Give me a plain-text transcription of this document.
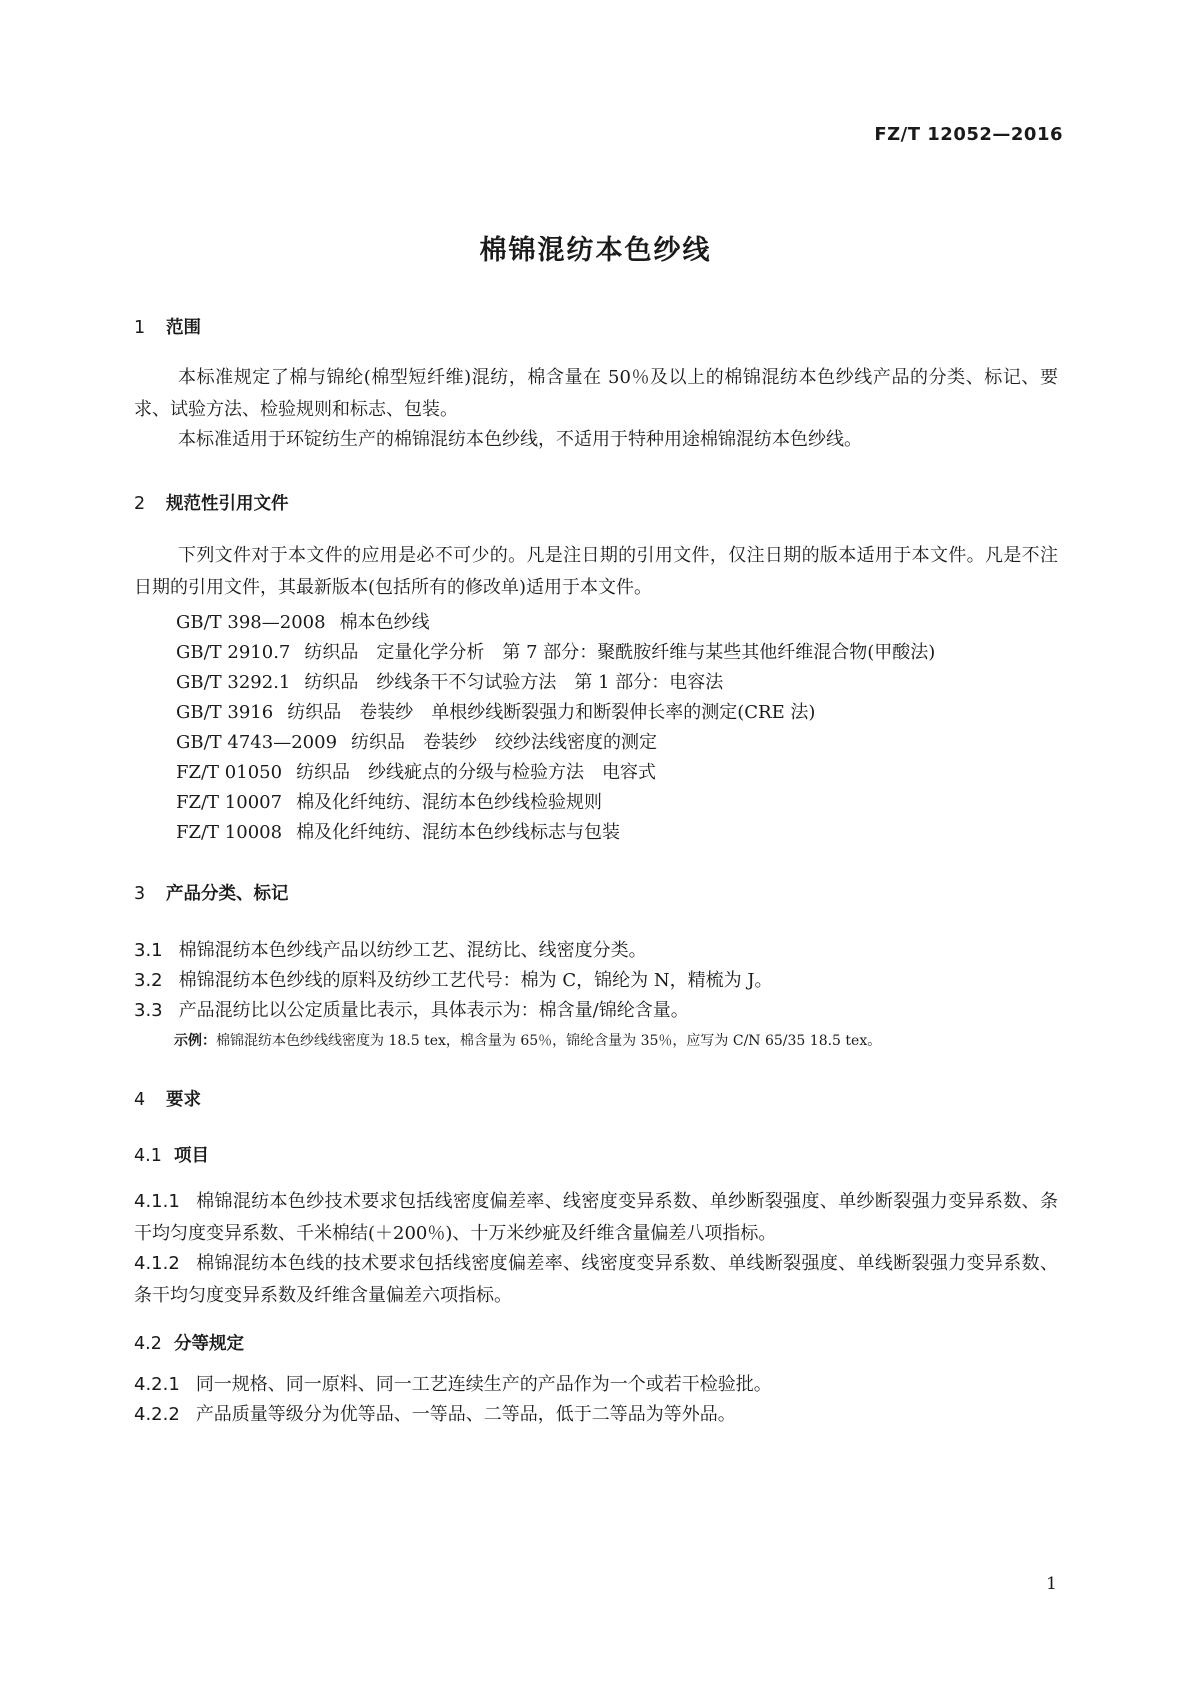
FZ/T 12052—2016
棉锦混纺本色纱线
1 范围

本标准规定了棉与锦纶(棉型短纤维)混纺，棉含量在 50％及以上的棉锦混纺本色纱线产品的分类、标记、要求、试验方法、检验规则和标志、包装。

本标准适用于环锭纺生产的棉锦混纺本色纱线，不适用于特种用途棉锦混纺本色纱线。

2 规范性引用文件

下列文件对于本文件的应用是必不可少的。凡是注日期的引用文件，仅注日期的版本适用于本文件。凡是不注日期的引用文件，其最新版本(包括所有的修改单)适用于本文件。

GB/T 398—2008 棉本色纱线
GB/T 2910.7 纺织品　定量化学分析　第 7 部分：聚酰胺纤维与某些其他纤维混合物(甲酸法)
GB/T 3292.1 纺织品　纱线条干不匀试验方法　第 1 部分：电容法
GB/T 3916 纺织品　卷装纱　单根纱线断裂强力和断裂伸长率的测定(CRE 法)
GB/T 4743—2009 纺织品　卷装纱　绞纱法线密度的测定
FZ/T 01050 纺织品　纱线疵点的分级与检验方法　电容式
FZ/T 10007 棉及化纤纯纺、混纺本色纱线检验规则
FZ/T 10008 棉及化纤纯纺、混纺本色纱线标志与包装
3 产品分类、标记
3.1 棉锦混纺本色纱线产品以纺纱工艺、混纺比、线密度分类。
3.2 棉锦混纺本色纱线的原料及纺纱工艺代号：棉为 C，锦纶为 N，精梳为 J。
3.3 产品混纺比以公定质量比表示，具体表示为：棉含量/锦纶含量。
示例：棉锦混纺本色纱线线密度为 18.5 tex，棉含量为 65％，锦纶含量为 35％，应写为 C/N 65/35 18.5 tex。
4 要求
4.1 项目

4.1.1 棉锦混纺本色纱技术要求包括线密度偏差率、线密度变异系数、单纱断裂强度、单纱断裂强力变异系数、条干均匀度变异系数、千米棉结(＋200％)、十万米纱疵及纤维含量偏差八项指标。

4.1.2 棉锦混纺本色线的技术要求包括线密度偏差率、线密度变异系数、单线断裂强度、单线断裂强力变异系数、条干均匀度变异系数及纤维含量偏差六项指标。

4.2 分等规定
4.2.1 同一规格、同一原料、同一工艺连续生产的产品作为一个或若干检验批。
4.2.2 产品质量等级分为优等品、一等品、二等品，低于二等品为等外品。
1
